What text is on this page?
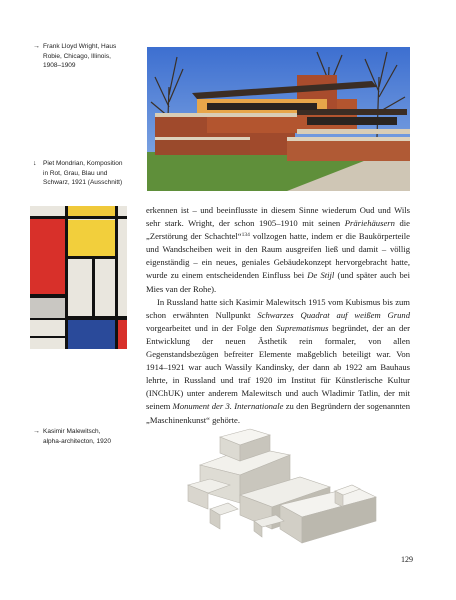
→ Frank Lloyd Wright, Haus
Robie, Chicago, Illinois,
1908–1909
↓ Piet Mondrian, Komposition
in Rot, Grau, Blau und
Schwarz, 1921 (Ausschnitt)
→ Kasimir Malewitsch,
alpha-architecton, 1920

erkennen ist – und beeinflusste in diesem Sinne wiederum Oud und Wils sehr stark. Wright, der schon 1905–1910 mit seinen Präriehäusern die „Zerstörung der Schachtel“$^{134}$ vollzogen hatte, indem er die Baukörperteile und Wandscheiben weit in den Raum ausgreifen ließ und damit – völlig eigenständig – ein neues, geniales Gebäudekonzept hervorgebracht hatte, wurde zu einem entscheidenden Einfluss bei De Stijl (und später auch bei Mies van der Rohe).

In Russland hatte sich Kasimir Malewitsch 1915 vom Kubismus bis zum schon erwähnten Nullpunkt Schwarzes Quadrat auf weißem Grund vorgearbeitet und in der Folge den Suprematismus begründet, der an der Entwicklung der neuen Ästhetik rein formaler, von allen Gegenstandsbezügen befreiter Elemente maßgeblich beteiligt war. Von 1914–1921 war auch Wassily Kandinsky, der dann ab 1922 am Bauhaus lehrte, in Russland und traf 1920 im Institut für Künstlerische Kultur (INChUK) unter anderem Malewitsch und auch Wladimir Tatlin, der mit seinem Monument der 3. Internationale zu den Begründern der sogenannten „Maschinenkunst“ gehörte.

129
